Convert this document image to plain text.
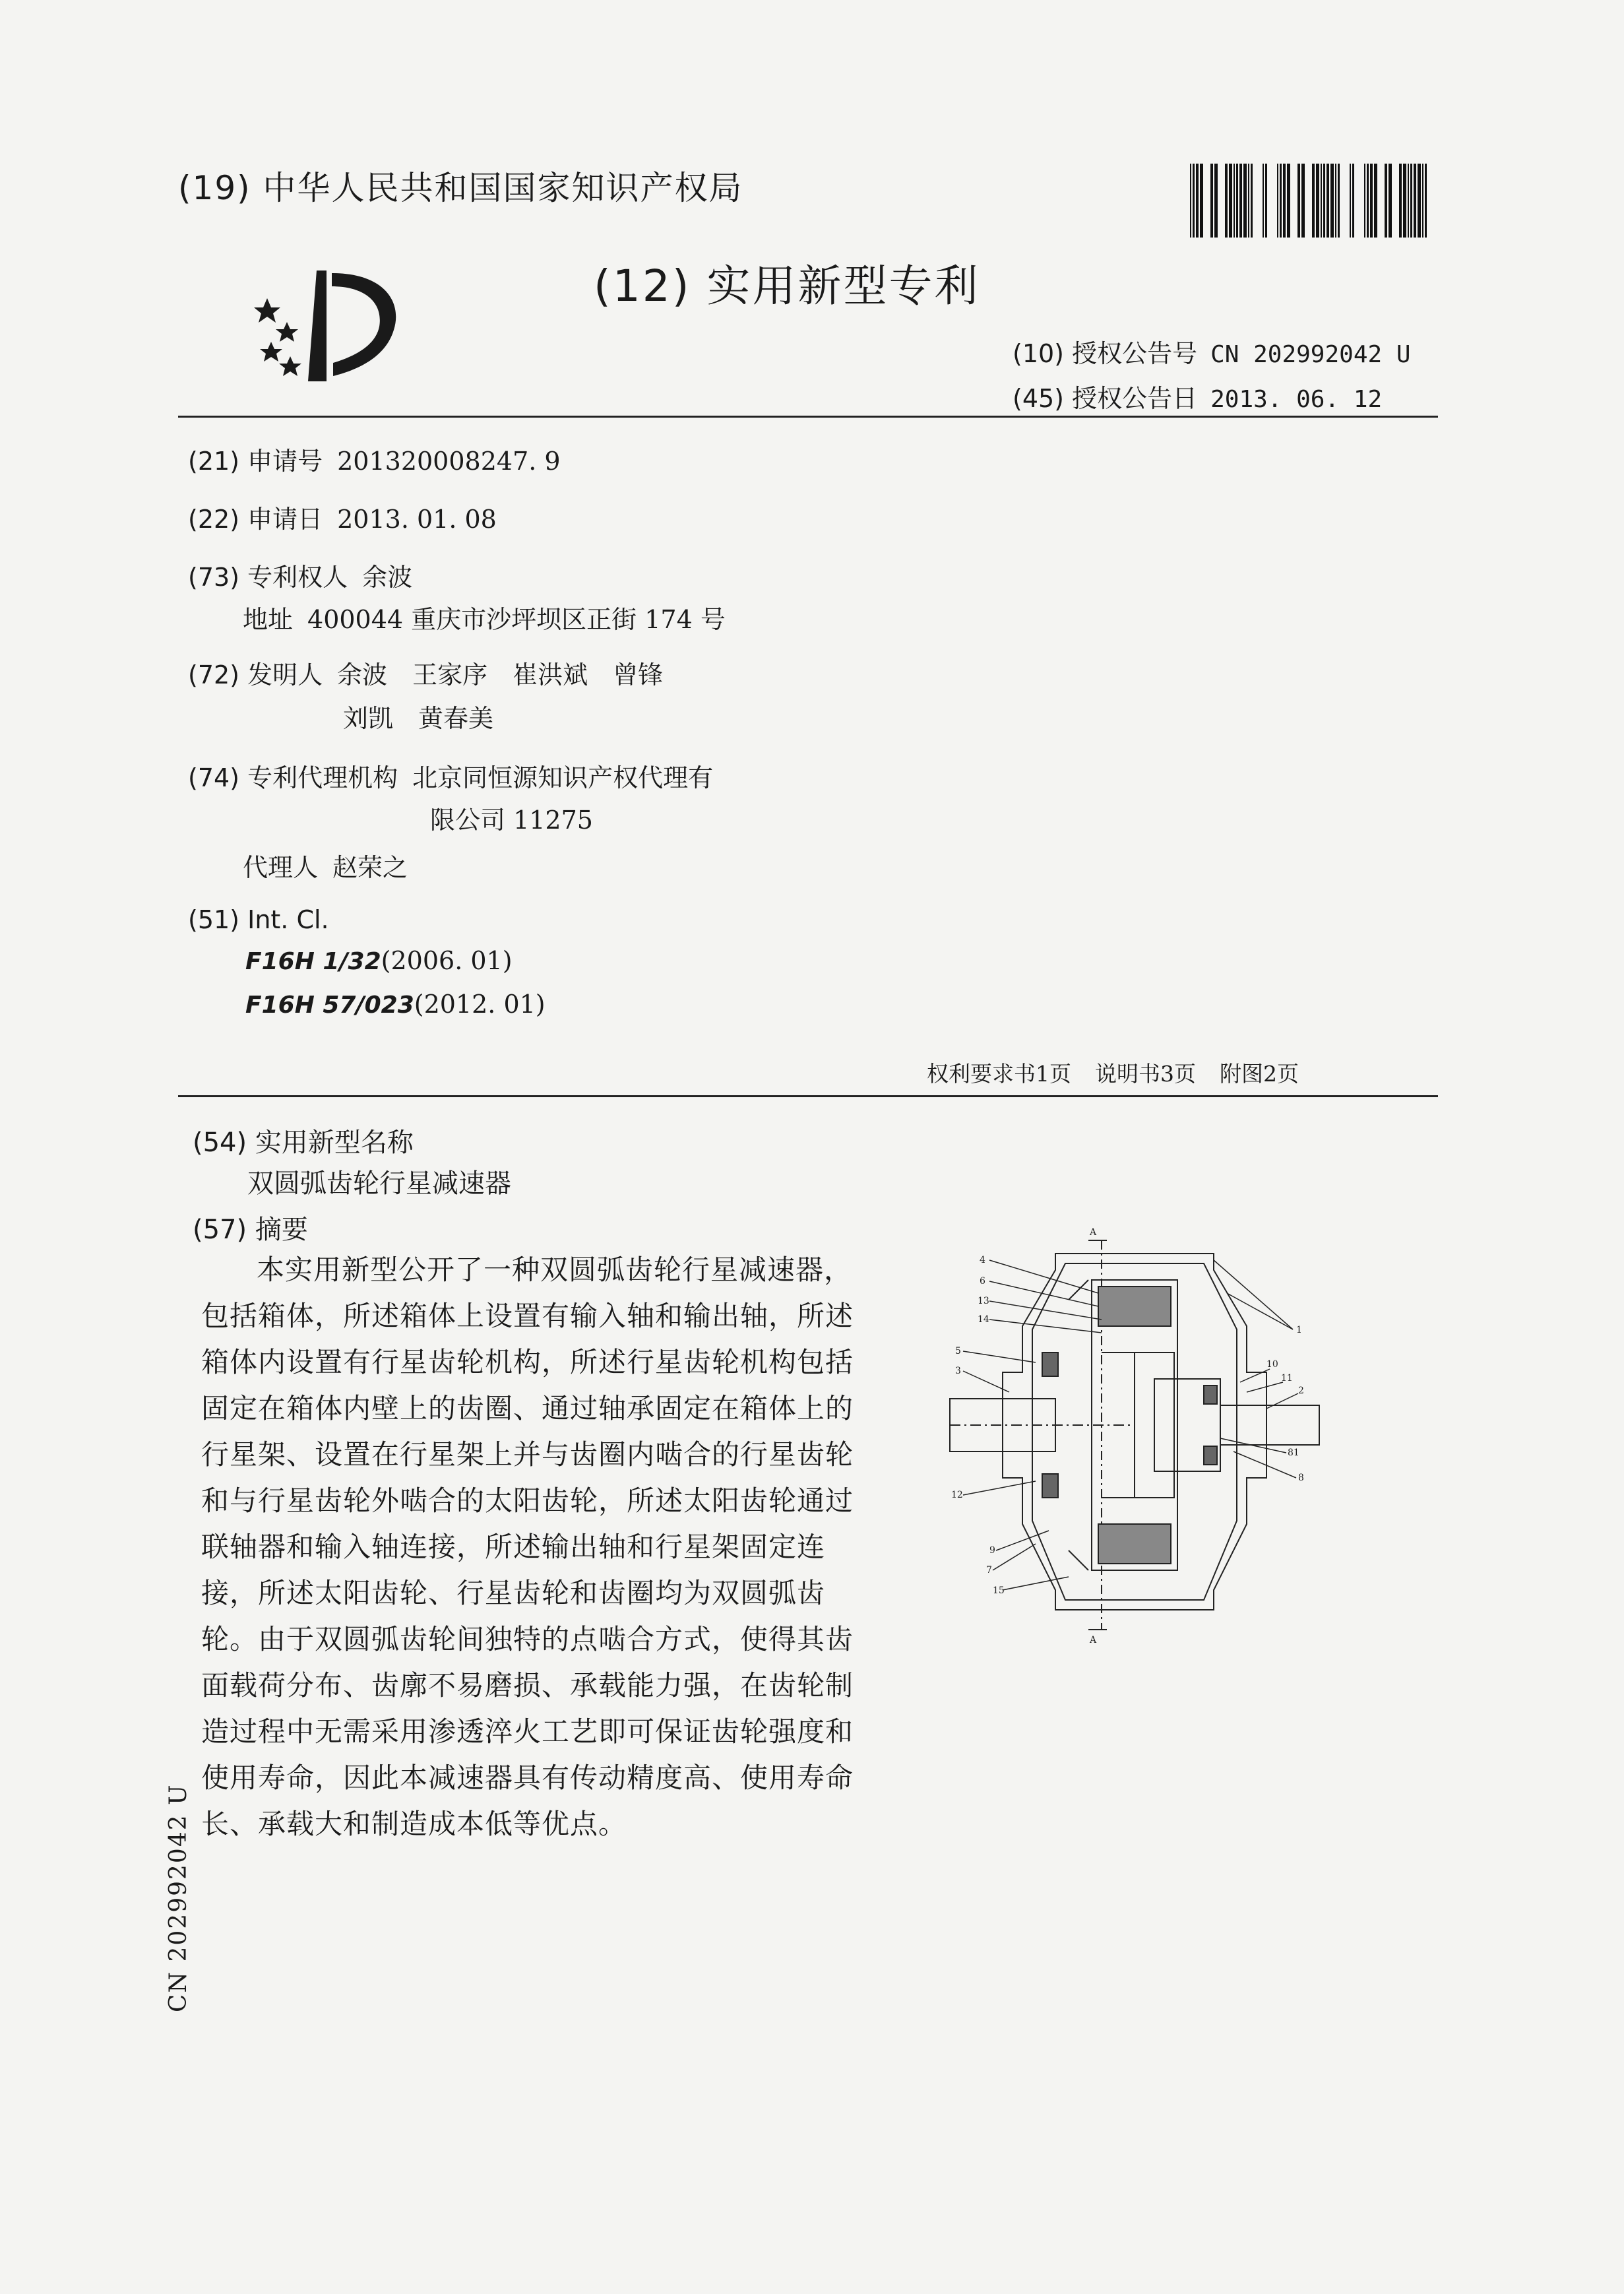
(19) 中华人民共和国国家知识产权局
(12) 实用新型专利
(10) 授权公告号 CN 202992042 U
(45) 授权公告日 2013. 06. 12
(21) 申请号 201320008247. 9
(22) 申请日 2013. 01. 08
(73) 专利权人 余波
地址 400044 重庆市沙坪坝区正街 174 号
(72) 发明人 余波　王家序　崔洪斌　曾锋
刘凯　黄春美
(74) 专利代理机构 北京同恒源知识产权代理有
限公司 11275
代理人 赵荣之
(51) Int. Cl.
F16H 1/32(2006. 01)
F16H 57/023(2012. 01)
权利要求书1页 说明书3页 附图2页
(54) 实用新型名称
双圆弧齿轮行星减速器
(57) 摘要
本实用新型公开了一种双圆弧齿轮行星减速器，包括箱体，所述箱体上设置有输入轴和输出轴，所述箱体内设置有行星齿轮机构，所述行星齿轮机构包括固定在箱体内壁上的齿圈、通过轴承固定在箱体上的行星架、设置在行星架上并与齿圈内啮合的行星齿轮和与行星齿轮外啮合的太阳齿轮，所述太阳齿轮通过联轴器和输入轴连接，所述输出轴和行星架固定连接，所述太阳齿轮、行星齿轮和齿圈均为双圆弧齿轮。由于双圆弧齿轮间独特的点啮合方式，使得其齿面载荷分布、齿廓不易磨损、承载能力强，在齿轮制造过程中无需采用渗透淬火工艺即可保证齿轮强度和使用寿命，因此本减速器具有传动精度高、使用寿命长、承载大和制造成本低等优点。
A
A
4
6
13
14
5
3
1
10
11
2
12
9
7
15
81
8
CN 202992042 U
